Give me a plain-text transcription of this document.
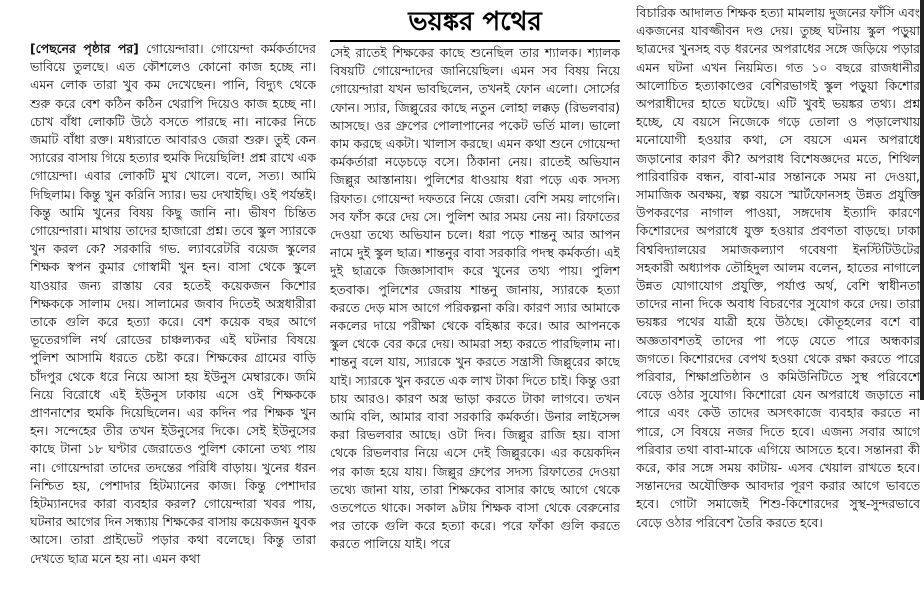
ভয়ঙ্কর পথের

[পেছনের পৃষ্ঠার পর] গোয়েন্দারা। গোয়েন্দা কর্মকর্তাদের ভাবিয়ে তুলছে। এত কৌশলেও কোনো কাজ হচ্ছে না। এমন লোক তারা খুব কম দেখেছেন। পানি, বিদ্যুৎ থেকে শুরু করে বেশ কঠিন কঠিন থেরাপি দিয়েও কাজ হচ্ছে না। চোখ বাঁধা লোকটি উঠে বসতে পারছে না। নাকের নিচে জমাট বাঁধা রক্ত। মধ্যরাতে আবারও জেরা শুরু। তুই কেন স্যারের বাসায় গিয়ে হত্যার হুমকি দিয়েছিলি! প্রশ্ন রাখে এক গোয়েন্দা। এবার লোকটি মুখ খোলে। বলে, সত্য। আমি দিছিলাম। কিন্তু খুন করিনি স্যার। ভয় দেখাইছি। ওই পর্যন্তই। কিন্তু আমি খুনের বিষয় কিছু জানি না। ভীষণ চিন্তিত গোয়েন্দারা। মাথায় তাদের হাজারো প্রশ্ন। তবে স্কুল স্যারকে খুন করল কে? সরকারি গভ. ল্যাবরেটরি বয়েজ স্কুলের শিক্ষক স্বপন কুমার গোস্বামী খুন হন। বাসা থেকে স্কুলে যাওয়ার জন্য রাস্তায় বের হতেই কয়েকজন কিশোর শিক্ষককে সালাম দেয়। সালামের জবাব দিতেই অস্ত্রধারীরা তাকে গুলি করে হত্যা করে। বেশ কয়েক বছর আগে ভূতেরগলি নর্থ রোডের চাঞ্চল্যকর এই ঘটনার বিষয়ে পুলিশ আসামি ধরতে চেষ্টা করে। শিক্ষকের গ্রামের বাড়ি চাঁদপুর থেকে ধরে নিয়ে আসা হয় ইউনুস মেম্বারকে। জমি নিয়ে বিরোধে এই ইউনুস ঢাকায় এসে ওই শিক্ষককে প্রাণনাশের হুমকি দিয়েছিলেন। এর কদিন পর শিক্ষক খুন হন। সন্দেহের তীর তখন ইউনুসের দিকে। সেই ইউনুসের কাছে টানা ১৮ ঘণ্টার জেরাতেও পুলিশ কোনো তথ্য পায় না। গোয়েন্দারা তাদের তদন্তের পরিধি বাড়ায়। খুনের ধরন নিশ্চিত হয়, পেশাদার হিটম্যানের কাজ। কিন্তু পেশাদার হিটম্যানদের কারা ব্যবহার করল? গোয়েন্দারা খবর পায়, ঘটনার আগের দিন সন্ধ্যায় শিক্ষকের বাসায় কয়েকজন যুবক আসে। তারা প্রাইভেট পড়ার কথা বলেছে। কিন্তু তারা দেখতে ছাত্র মনে হয় না। এমন কথা

সেই রাতেই শিক্ষকের কাছে শুনেছিল তার শ্যালক। শ্যালক বিষয়টি গোয়েন্দাদের জানিয়েছিল। এমন সব বিষয় নিয়ে গোয়েন্দারা যখন ভাবছিলেন, তখনই ফোন এলো। সোর্সের ফোন। স্যার, জিল্লুরের কাছে নতুন লোহা লক্কড় (রিভলবার) আসছে। ওর গ্রুপের পোলাপানের পকেট ভর্তি মাল। ভালো কাম করছে একটা। খালাস করছে। এমন কথা শুনে গোয়েন্দা কর্মকর্তারা নড়েচড়ে বসে। ঠিকানা নেয়। রাতেই অভিযান জিল্লুর আস্তানায়। পুলিশের ধাওয়ায় ধরা পড়ে এক সদস্য রিফাত। গোয়েন্দা দফতরে নিয়ে জেরা। বেশি সময় লাগেনি। সব ফাঁস করে দেয় সে। পুলিশ আর সময় নেয় না। রিফাতের দেওয়া তথ্যে অভিযান চলে। ধরা পড়ে শান্তনু আর আপন নামে দুই স্কুল ছাত্র। শান্তনুর বাবা সরকারি পদস্থ কর্মকর্তা। এই দুই ছাত্রকে জিজ্ঞাসাবাদ করে খুনের তথ্য পায়। পুলিশ হতবাক। পুলিশের জেরায় শান্তনু জানায়, স্যারকে হত্যা করতে দেড় মাস আগে পরিকল্পনা করি। কারণ স্যার আমাকে নকলের দায়ে পরীক্ষা থেকে বহিষ্কার করে। আর আপনকে স্কুল থেকে বের করে দেয়। আমরা সহ্য করতে পারছিলাম না। শান্তনু বলে যায়, স্যারকে খুন করতে সন্ত্রাসী জিল্লুরের কাছে যাই। স্যারকে খুন করতে এক লাখ টাকা দিতে চাই। কিন্তু ওরা চায় আরও। কারণ অস্ত্র ভাড়া করতে টাকা লাগবে। তখন আমি বলি, আমার বাবা সরকারি কর্মকর্তা। উনার লাইসেন্স করা রিভলবার আছে। ওটা দিব। জিল্লুর রাজি হয়। বাসা থেকে রিভলবার নিয়ে এসে দেই জিল্লুরকে। এর কয়েকদিন পর কাজ হয়ে যায়। জিল্লুর গ্রুপের সদস্য রিফাতের দেওয়া তথ্যে জানা যায়, তারা শিক্ষকের বাসার কাছে আগে থেকে ওতপেতে থাকে। সকাল ৯টায় শিক্ষক বাসা থেকে বেরুনোর পর তাকে গুলি করে হত্যা করে। পরে ফাঁকা গুলি করতে করতে পালিয়ে যাই। পরে

বিচারিক আদালত শিক্ষক হত্যা মামলায় দুজনের ফাঁসি এবং একজনের যাবজ্জীবন দণ্ড দেয়। তুচ্ছ ঘটনায় স্কুল পড়ুয়া ছাত্রদের খুনসহ বড় ধরনের অপরাধের সঙ্গে জড়িয়ে পড়ার এমন ঘটনা এখন নিয়মিত। গত ১০ বছরে রাজধানীর আলোচিত হত্যাকাণ্ডের বেশিরভাগই স্কুল পড়ুয়া কিশোর অপরাধীদের হাতে ঘটেছে। এটি খুবই ভয়ঙ্কর তথ্য। প্রশ্ন হচ্ছে, যে বয়সে নিজেকে গড়ে তোলা ও পড়ালেখায় মনোযোগী হওয়ার কথা, সে বয়সে এমন অপরাধে জড়ানোর কারণ কী? অপরাধ বিশেষজ্ঞদের মতে, শিথিল পারিবারিক বন্ধন, বাবা-মার সন্তানকে সময় না দেওয়া, সামাজিক অবক্ষয়, স্বল্প বয়সে স্মার্টফোনসহ উন্নত প্রযুক্তি উপকরণের নাগাল পাওয়া, সঙ্গদোষ ইত্যাদি কারণে কিশোরদের অপরাধে যুক্ত হওয়ার প্রবণতা বাড়ছে। ঢাকা বিশ্ববিদ্যালয়ের সমাজকল্যাণ গবেষণা ইনস্টিটিউটের সহকারী অধ্যাপক তৌহিদুল আলম বলেন, হাতের নাগালে উন্নত যোগাযোগ প্রযুক্তি, পর্যাপ্ত অর্থ, বেশি স্বাধীনতা তাদের নানা দিকে অবাধ বিচরণের সুযোগ করে দেয়। তারা ভয়ঙ্কর পথের যাত্রী হয়ে উঠছে। কৌতূহলের বশে বা অজ্ঞতাবশতই তাদের পা পড়ে যেতে পারে অন্ধকার জগতে। কিশোরদের বেপথ হওয়া থেকে রক্ষা করতে পারে পরিবার, শিক্ষাপ্রতিষ্ঠান ও কমিউনিটিতে সুস্থ পরিবেশে বেড়ে ওঠার সুযোগ। কিশোরো যেন অপরাধে জড়াতে না পারে এবং কেউ তাদের অসৎকাজে ব্যবহার করতে না পারে, সে বিষয়ে নজর দিতে হবে। এজন্য সবার আগে পরিবার তথা বাবা-মাকে এগিয়ে আসতে হবে। সন্তানরা কী করে, কার সঙ্গে সময় কাটায়- এসব খেয়াল রাখতে হবে। সন্তানদের অযৌক্তিক আবদার পূরণ করার আগে ভাবতে হবে। গোটা সমাজেই শিশু-কিশোরদের সুস্থ-সুন্দরভাবে বেড়ে ওঠার পরিবেশ তৈরি করতে হবে।
